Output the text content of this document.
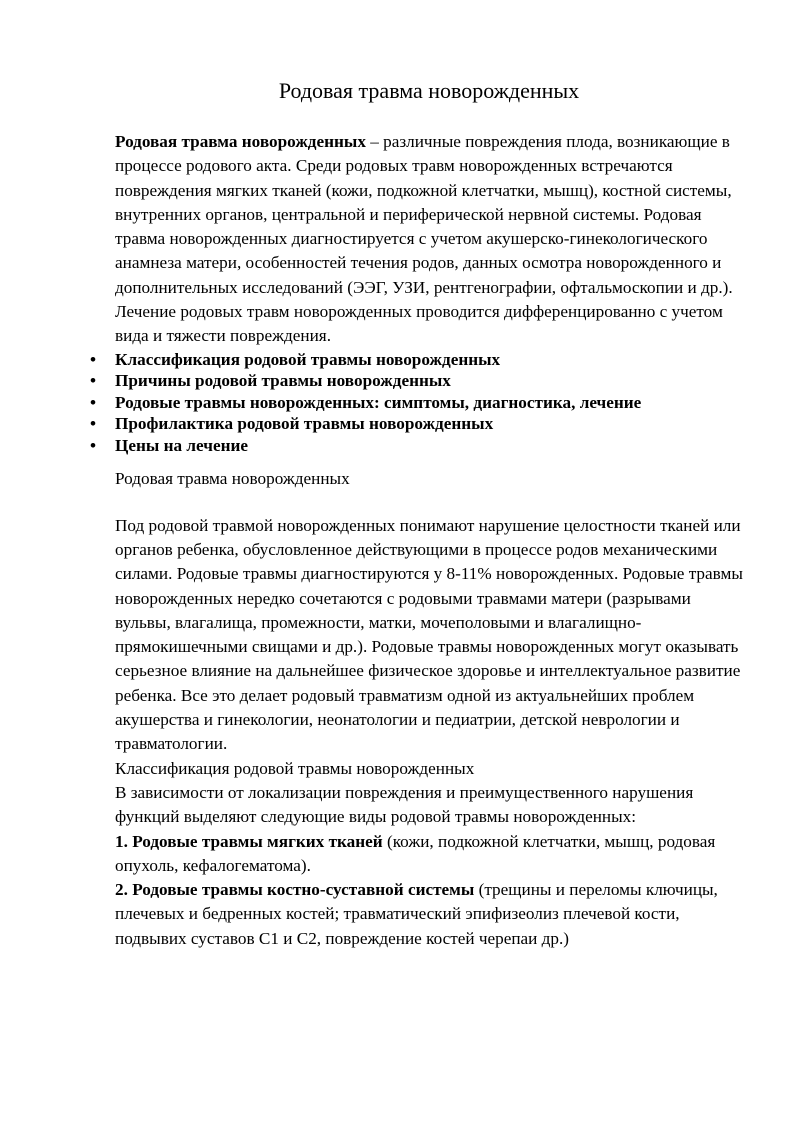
Родовая травма новорожденных

Родовая травма новорожденных – различные повреждения плода, возникающие в процессе родового акта. Среди родовых травм новорожденных встречаются повреждения мягких тканей (кожи, подкожной клетчатки, мышц), костной системы, внутренних органов, центральной и периферической нервной системы. Родовая травма новорожденных диагностируется с учетом акушерско-гинекологического анамнеза матери, особенностей течения родов, данных осмотра новорожденного и дополнительных исследований (ЭЭГ, УЗИ, рентгенографии, офтальмоскопии и др.). Лечение родовых травм новорожденных проводится дифференцированно с учетом вида и тяжести повреждения.

• Классификация родовой травмы новорожденных
• Причины родовой травмы новорожденных
• Родовые травмы новорожденных: симптомы, диагностика, лечение
• Профилактика родовой травмы новорожденных
• Цены на лечение

Родовая травма новорожденных

Под родовой травмой новорожденных понимают нарушение целостности тканей или органов ребенка, обусловленное действующими в процессе родов механическими силами. Родовые травмы диагностируются у 8-11% новорожденных. Родовые травмы новорожденных нередко сочетаются с родовыми травмами матери (разрывами вульвы, влагалища, промежности, матки, мочеполовыми и влагалищно-прямокишечными свищами и др.). Родовые травмы новорожденных могут оказывать серьезное влияние на дальнейшее физическое здоровье и интеллектуальное развитие ребенка. Все это делает родовый травматизм одной из актуальнейших проблем акушерства и гинекологии, неонатологии и педиатрии, детской неврологии и травматологии.

Классификация родовой травмы новорожденных

В зависимости от локализации повреждения и преимущественного нарушения функций выделяют следующие виды родовой травмы новорожденных:

1. Родовые травмы мягких тканей (кожи, подкожной клетчатки, мышц, родовая опухоль, кефалогематома).

2. Родовые травмы костно-суставной системы (трещины и переломы ключицы, плечевых и бедренных костей; травматический эпифизеолиз плечевой кости, подвывих суставов С1 и С2, повреждение костей черепаи др.)
